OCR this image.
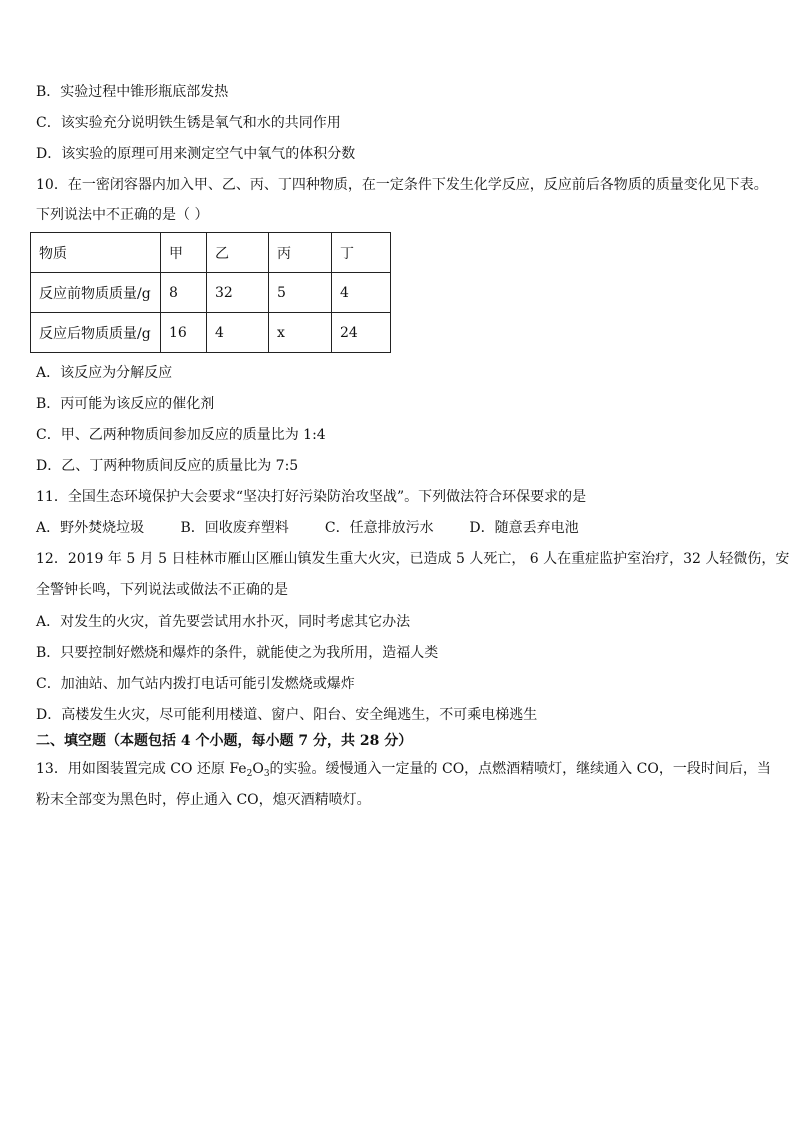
B．实验过程中锥形瓶底部发热
C．该实验充分说明铁生锈是氧气和水的共同作用
D．该实验的原理可用来测定空气中氧气的体积分数
10．在一密闭容器内加入甲、乙、丙、丁四种物质，在一定条件下发生化学反应，反应前后各物质的质量变化见下表。
下列说法中不正确的是（ ）
物质	甲	乙	丙	丁
反应前物质质量/g	8	32	5	4
反应后物质质量/g	16	4	x	24
A．该反应为分解反应
B．丙可能为该反应的催化剂
C．甲、乙两种物质间参加反应的质量比为 1:4
D．乙、丁两种物质间反应的质量比为 7:5
11．全国生态环境保护大会要求“坚决打好污染防治攻坚战”。下列做法符合环保要求的是
A．野外焚烧垃圾	B．回收废弃塑料	C．任意排放污水	D．随意丢弃电池
12．2019 年 5 月 5 日桂林市雁山区雁山镇发生重大火灾，已造成 5 人死亡， 6 人在重症监护室治疗，32 人轻微伤，安
全警钟长鸣，下列说法或做法不正确的是
A．对发生的火灾，首先要尝试用水扑灭，同时考虑其它办法
B．只要控制好燃烧和爆炸的条件，就能使之为我所用，造福人类
C．加油站、加气站内拨打电话可能引发燃烧或爆炸
D．高楼发生火灾，尽可能利用楼道、窗户、阳台、安全绳逃生，不可乘电梯逃生
二、填空题（本题包括 4 个小题，每小题 7 分，共 28 分）
13．用如图装置完成 CO 还原 $Fe_2O_3$的实验。缓慢通入一定量的 CO，点燃酒精喷灯，继续通入 CO，一段时间后，当
粉末全部变为黑色时，停止通入 CO，熄灭酒精喷灯。
